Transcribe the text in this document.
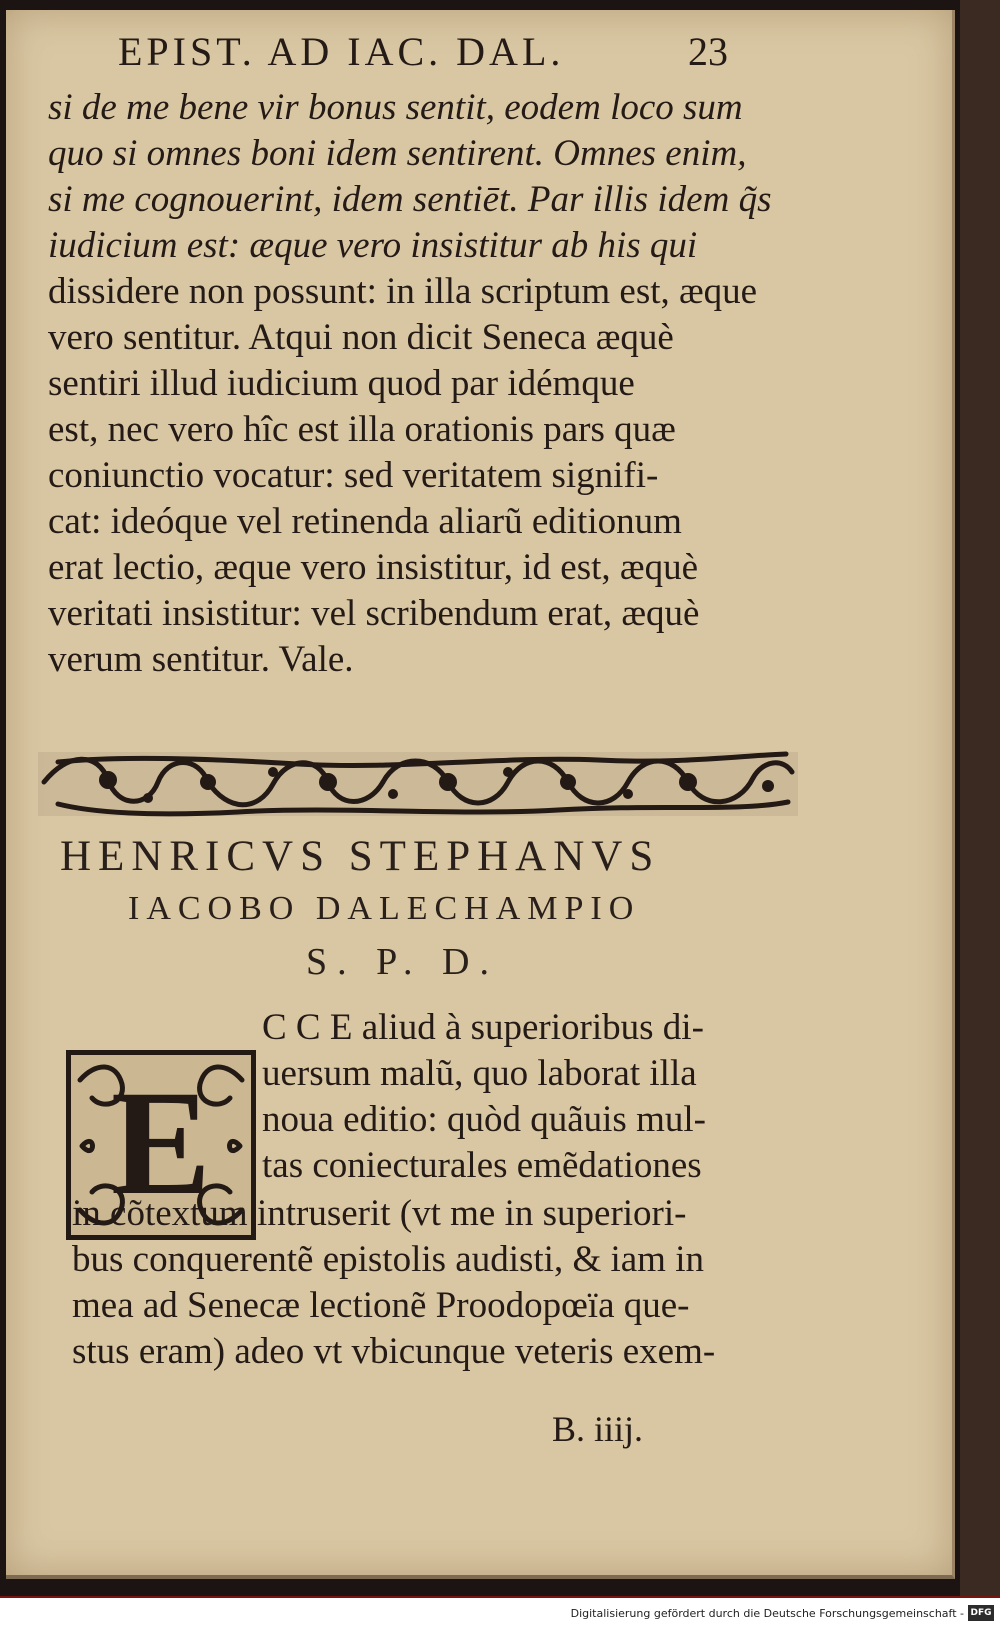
EPIST. AD IAC. DAL.	23
si de me bene vir bonus sentit, eodem loco sum
quo si omnes boni idem sentirent. Omnes enim,
si me cognouerint, idem sentiēt. Par illis idem q̃s
iudicium est: æque vero insistitur ab his qui
dissidere non possunt: in illa scriptum est, æque
vero sentitur. Atqui non dicit Seneca æquè
sentiri illud iudicium quod par idémque
est, nec vero hîc est illa orationis pars quæ
coniunctio vocatur: sed veritatem signifi-
cat: ideóque vel retinenda aliarũ editionum
erat lectio, æque vero insistitur, id est, æquè
veritati insistitur: vel scribendum erat, æquè
verum sentitur. Vale.
HENRICVS STEPHANVS
IACOBO DALECHAMPIO
S. P. D.
E
C C E aliud à superioribus di-
uersum malũ, quo laborat illa
noua editio: quòd quãuis mul-
tas coniecturales emẽdationes
in cõtextum intruserit (vt me in superiori-
bus conquerentẽ epistolis audisti, & iam in
mea ad Senecæ lectionẽ Proodopœïa que-
stus eram) adeo vt vbicunque veteris exem-
B. iiij.
Digitalisierung gefördert durch die Deutsche Forschungsgemeinschaft - DFG
